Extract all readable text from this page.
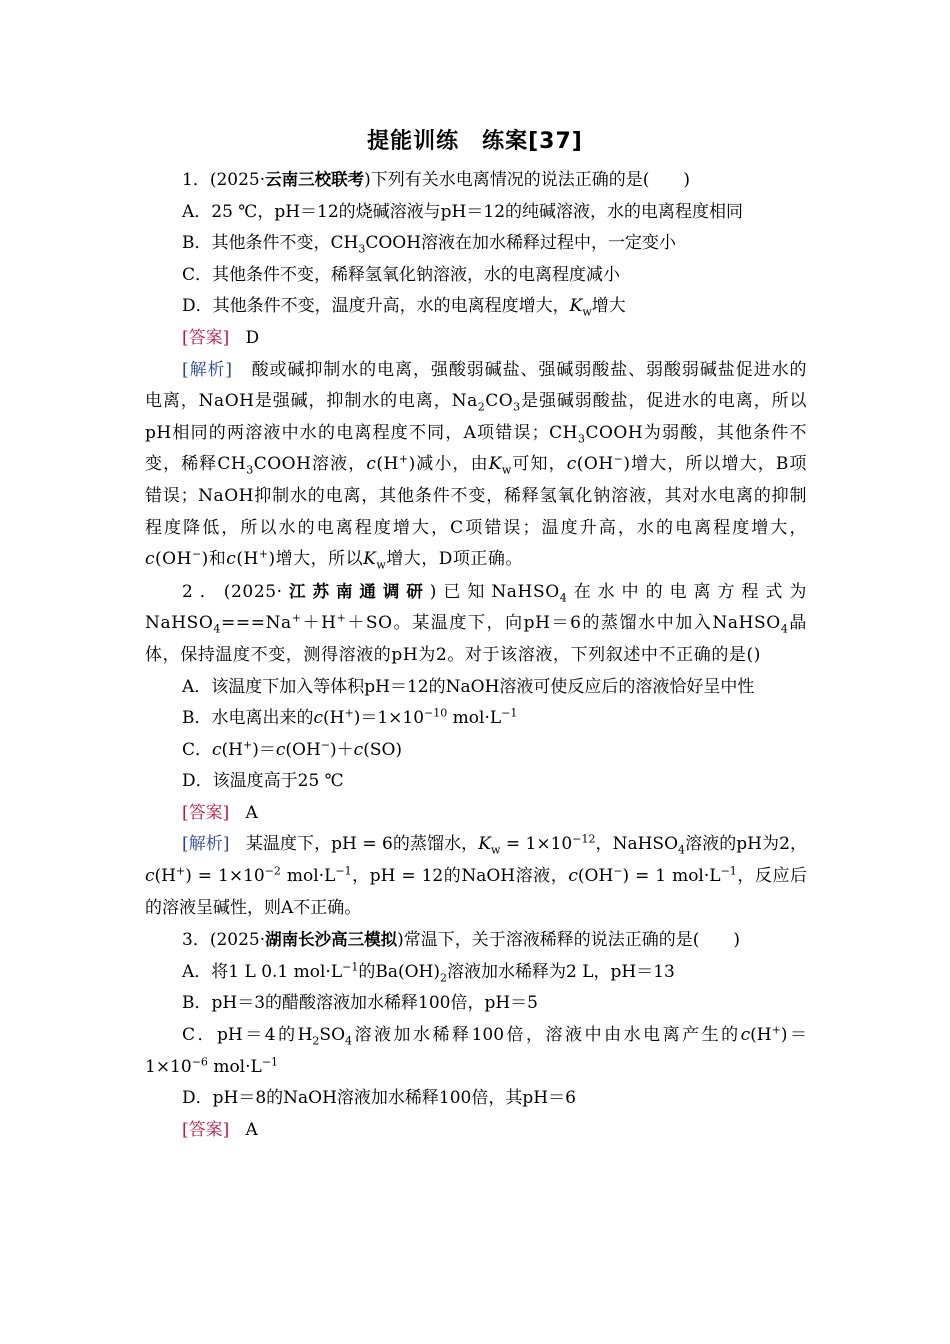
提能训练　练案[37]

1．(2025·云南三校联考)下列有关水电离情况的说法正确的是(　　)

A．25 ℃，pH＝12的烧碱溶液与pH＝12的纯碱溶液，水的电离程度相同

B．其他条件不变，$CH_3COOH$溶液在加水稀释过程中，一定变小

C．其他条件不变，稀释氢氧化钠溶液，水的电离程度减小

D．其他条件不变，温度升高，水的电离程度增大，$K_w$增大

[答案] D

[解析] 酸或碱抑制水的电离，强酸弱碱盐、强碱弱酸盐、弱酸弱碱盐促进水的电离，NaOH是强碱，抑制水的电离，$Na_2CO_3$是强碱弱酸盐，促进水的电离，所以pH相同的两溶液中水的电离程度不同，A项错误；$CH_3COOH$为弱酸，其他条件不变，稀释$CH_3COOH$溶液，c(H+)减小，由$K_w$可知，c(OH−)增大，所以增大，B项错误；NaOH抑制水的电离，其他条件不变，稀释氢氧化钠溶液，其对水电离的抑制程度降低，所以水的电离程度增大，C项错误；温度升高，水的电离程度增大，c(OH−)和c(H+)增大，所以$K_w$增大，D项正确。

2．(2025·江苏南通调研)已知NaHSO$_4$在水中的电离方程式为NaHSO$_4$===Na+＋H+＋SO。某温度下，向pH＝6的蒸馏水中加入NaHSO$_4$晶体，保持温度不变，测得溶液的pH为2。对于该溶液，下列叙述中不正确的是()

A．该温度下加入等体积pH＝12的NaOH溶液可使反应后的溶液恰好呈中性

B．水电离出来的$c(H^+)=1\times 10^{-10}$ $mol\cdot L^{-1}$

C．c(H+)＝c(OH−)＋c(SO)

D．该温度高于25 ℃

[答案] A

[解析] 某温度下，pH = 6的蒸馏水，$K_w = 1\times 10^{-12}$，NaHSO$_4$溶液的pH为2，$c(H^+) = 1\times 10^{-2}$ $mol\cdot L^{-1}$，pH = 12的NaOH溶液，c(OH−) = 1 $mol\cdot L^{-1}$，反应后的溶液呈碱性，则A不正确。

3．(2025·湖南长沙高三模拟)常温下，关于溶液稀释的说法正确的是(　　)

A．将1 L 0.1 $mol\cdot L^{-1}$的$Ba(OH)_2$溶液加水稀释为2 L，pH＝13

B．pH＝3的醋酸溶液加水稀释100倍，pH＝5

C．pH＝4的$H_2SO_4$溶液加水稀释100倍，溶液中由水电离产生的$c(H^+)=1\times 10^{-6}$ $mol\cdot L^{-1}$

D．pH＝8的NaOH溶液加水稀释100倍，其pH＝6

[答案] A
